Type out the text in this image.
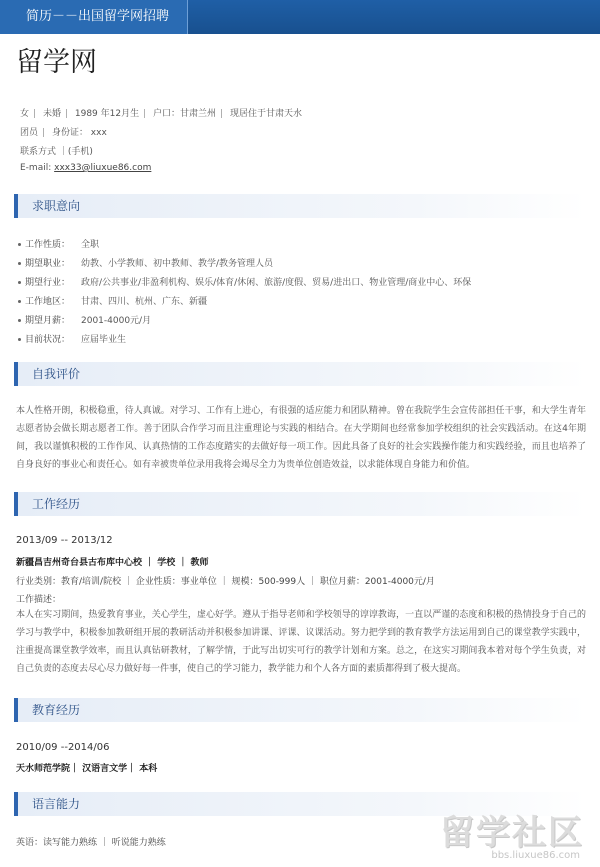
简历－－出国留学网招聘
留学网
女 | 未婚 | 1989 年12月生 | 户口：甘肃兰州 | 现居住于甘肃天水
团员 | 身份证： xxx
联系方式 ｜(手机)
E-mail: xxx33@liuxue86.com
求职意向
工作性质： 全职
期望职业： 幼教、小学教师、初中教师、教学/教务管理人员
期望行业： 政府/公共事业/非盈利机构、娱乐/体育/休闲、旅游/度假、贸易/进出口、物业管理/商业中心、环保
工作地区： 甘肃、四川、杭州、广东、新疆
期望月薪： 2001-4000元/月
目前状况： 应届毕业生
自我评价
本人性格开朗，积极稳重，待人真诚。对学习、工作有上进心，有很强的适应能力和团队精神。曾在我院学生会宣传部担任干事，和大学生青年志愿者协会做长期志愿者工作。善于团队合作学习而且注重理论与实践的相结合。在大学期间也经常参加学校组织的社会实践活动。在这4年期间，我以谨慎积极的工作作风、认真热情的工作态度踏实的去做好每一项工作。因此具备了良好的社会实践操作能力和实践经验，而且也培养了自身良好的事业心和责任心。如有幸被贵单位录用我将会竭尽全力为贵单位创造效益，以求能体现自身能力和价值。
工作经历
2013/09 -- 2013/12
新疆昌吉州奇台县古布库中心校 ｜ 学校 ｜ 教师
行业类别：教育/培训/院校 ｜ 企业性质：事业单位 ｜ 规模：500-999人 ｜ 职位月薪：2001-4000元/月
工作描述：
本人在实习期间，热爱教育事业，关心学生，虚心好学。遵从于指导老师和学校领导的谆谆教诲，一直以严谨的态度和积极的热情投身于自己的学习与教学中，积极参加教研组开展的教研活动并积极参加讲课、评课、议课活动。努力把学到的教育教学方法运用到自己的课堂教学实践中，注重提高课堂教学效率，而且认真钻研教材，了解学情，于此写出切实可行的教学计划和方案。总之，在这实习期间我本着对每个学生负责，对自己负责的态度去尽心尽力做好每一件事，使自己的学习能力，教学能力和个人各方面的素质都得到了极大提高。
教育经历
2010/09 --2014/06
天水师范学院｜ 汉语言文学｜ 本科
语言能力
英语：读写能力熟练 ｜ 听说能力熟练	留学社区
bbs.liuxue86.com
